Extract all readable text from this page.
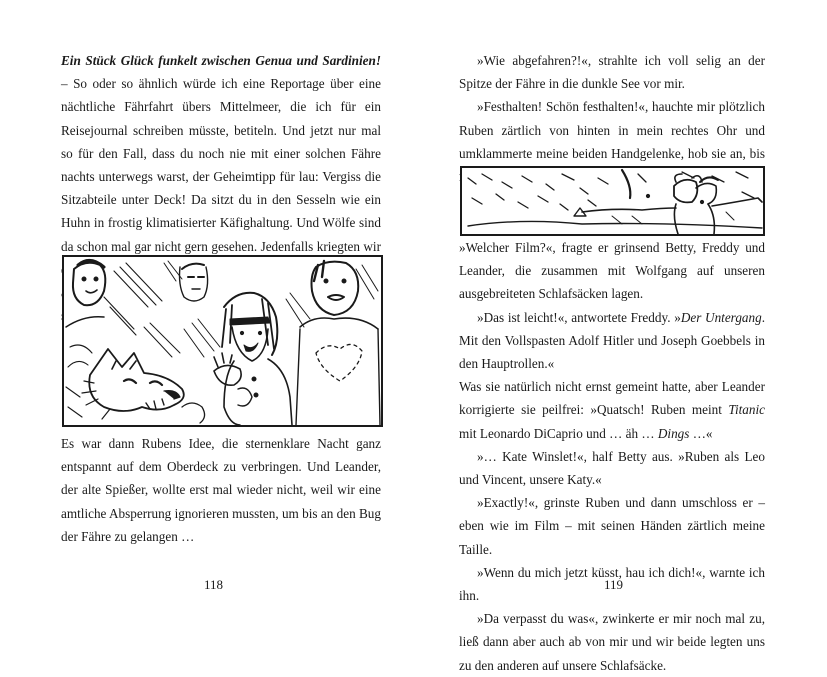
Ein Stück Glück funkelt zwischen Genua und Sardinien! – So oder so ähnlich würde ich eine Reportage über eine nächtliche Fährfahrt übers Mittelmeer, die ich für ein Reisejournal schreiben müsste, betiteln. Und jetzt nur mal so für den Fall, dass du noch nie mit einer solchen Fähre nachts unterwegs warst, der Geheimtipp für lau: Vergiss die Sitzabteile unter Deck! Da sitzt du in den Sesseln wie ein Huhn in frostig klimatisierter Käfighaltung. Und Wölfe sind da schon mal gar nicht gern gesehen. Jedenfalls kriegten wir

Es war dann Rubens Idee, die sternenklare Nacht ganz entspannt auf dem Oberdeck zu verbringen. Und Leander, der alte Spießer, wollte erst mal wieder nicht, weil wir eine amtliche Absperrung ignorieren mussten, um bis an den Bug der Fähre zu gelangen …

118

»Wie abgefahren?!«, strahlte ich voll selig an der Spitze der Fähre in die dunkle See vor mir.

»Festhalten! Schön festhalten!«, hauchte mir plötzlich Ruben zärtlich von hinten in mein rechtes Ohr und umklammerte meine beiden Handgelenke, hob sie an, bis

»Welcher Film?«, fragte er grinsend Betty, Freddy und Leander, die zusammen mit Wolfgang auf unseren ausgebreiteten Schlafsäcken lagen.

»Das ist leicht!«, antwortete Freddy. »Der Untergang. Mit den Vollspasten Adolf Hitler und Joseph Goebbels in den Hauptrollen.«

Was sie natürlich nicht ernst gemeint hatte, aber Leander korrigierte sie peilfrei: »Quatsch! Ruben meint Titanic mit Leonardo DiCaprio und … äh … Dings …«

»… Kate Winslet!«, half Betty aus. »Ruben als Leo und Vincent, unsere Katy.«

»Exactly!«, grinste Ruben und dann umschloss er – eben wie im Film – mit seinen Händen zärtlich meine Taille.

»Wenn du mich jetzt küsst, hau ich dich!«, warnte ich ihn.

»Da verpasst du was«, zwinkerte er mir noch mal zu, ließ dann aber auch ab von mir und wir beide legten uns zu den anderen auf unsere Schlafsäcke.

119
